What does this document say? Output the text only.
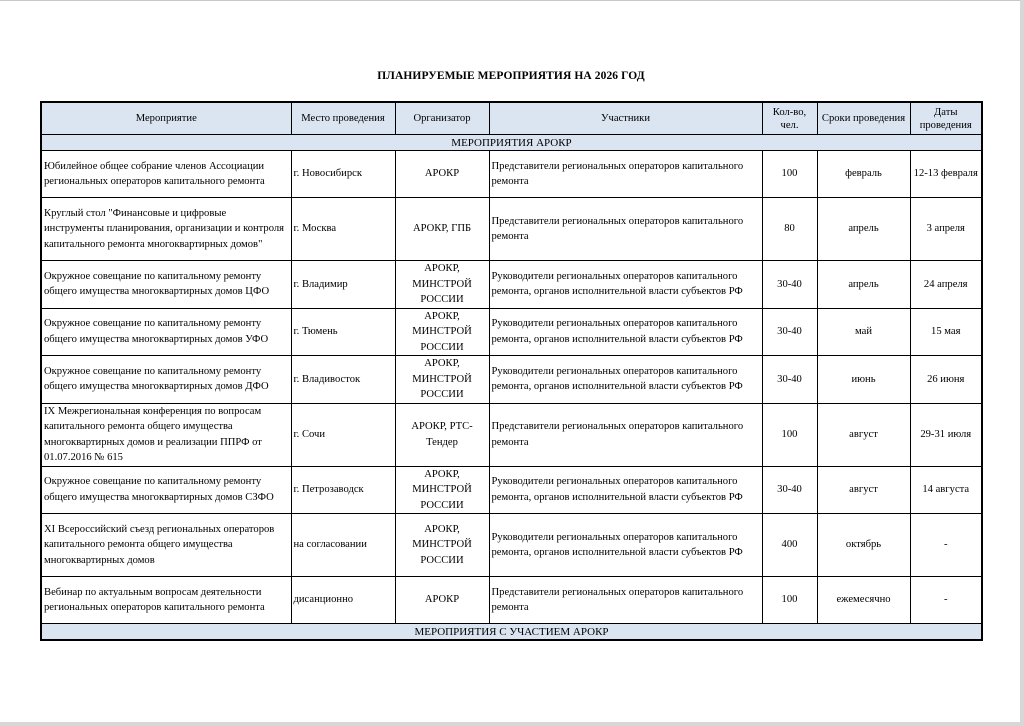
ПЛАНИРУЕМЫЕ МЕРОПРИЯТИЯ НА 2026 ГОД
Мероприятие	Место проведения	Организатор	Участники	Кол-во, чел.	Сроки проведения	Даты проведения
МЕРОПРИЯТИЯ АРОКР						
Юбилейное общее собрание членов Ассоциации региональных операторов капитального ремонта	г. Новосибирск	АРОКР	Представители региональных операторов капитального ремонта	100	февраль	12-13 февраля
Круглый стол "Финансовые и цифровые инструменты планирования, организации и контроля капитального ремонта многоквартирных домов"	г. Москва	АРОКР, ГПБ	Представители региональных операторов капитального ремонта	80	апрель	3 апреля
Окружное совещание по капитальному ремонту общего имущества многоквартирных домов ЦФО	г. Владимир	АРОКР, МИНСТРОЙ РОССИИ	Руководители региональных операторов капитального ремонта, органов исполнительной власти субъектов РФ	30-40	апрель	24 апреля
Окружное совещание по капитальному ремонту общего имущества многоквартирных домов УФО	г. Тюмень	АРОКР, МИНСТРОЙ РОССИИ	Руководители региональных операторов капитального ремонта, органов исполнительной власти субъектов РФ	30-40	май	15 мая
Окружное совещание по капитальному ремонту общего имущества многоквартирных домов ДФО	г. Владивосток	АРОКР, МИНСТРОЙ РОССИИ	Руководители региональных операторов капитального ремонта, органов исполнительной власти субъектов РФ	30-40	июнь	26 июня
IX Межрегиональная конференция по вопросам капитального ремонта общего имущества многоквартирных домов и реализации ППРФ от 01.07.2016 № 615	г. Сочи	АРОКР, РТС-Тендер	Представители региональных операторов капитального ремонта	100	август	29-31 июля
Окружное совещание по капитальному ремонту общего имущества многоквартирных домов СЗФО	г. Петрозаводск	АРОКР, МИНСТРОЙ РОССИИ	Руководители региональных операторов капитального ремонта, органов исполнительной власти субъектов РФ	30-40	август	14 августа
XI Всероссийский съезд региональных операторов капитального ремонта общего имущества многоквартирных домов	на согласовании	АРОКР, МИНСТРОЙ РОССИИ	Руководители региональных операторов капитального ремонта, органов исполнительной власти субъектов РФ	400	октябрь	-
Вебинар по актуальным вопросам деятельности региональных операторов капитального ремонта	дисанционно	АРОКР	Представители региональных операторов капитального ремонта	100	ежемесячно	-
МЕРОПРИЯТИЯ С УЧАСТИЕМ АРОКР						
